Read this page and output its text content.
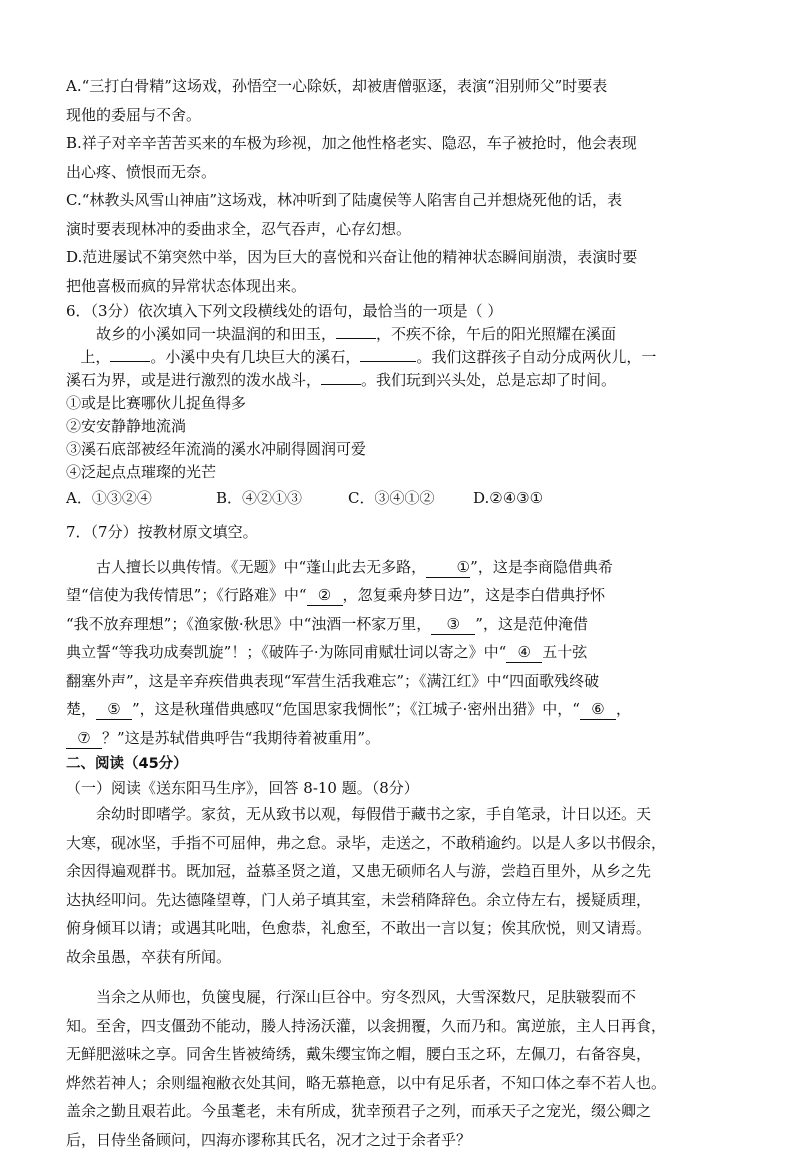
A.“三打白骨精”这场戏，孙悟空一心除妖，却被唐僧驱逐，表演“泪别师父”时要表

现他的委屈与不舍。

B.祥子对辛辛苦苦买来的车极为珍视，加之他性格老实、隐忍，车子被抢时，他会表现

出心疼、愤恨而无奈。

C.“林教头风雪山神庙”这场戏，林冲听到了陆虞侯等人陷害自己并想烧死他的话，表

演时要表现林冲的委曲求全，忍气吞声，心存幻想。

D.范进屡试不第突然中举，因为巨大的喜悦和兴奋让他的精神状态瞬间崩溃，表演时要

把他喜极而疯的异常状态体现出来。

6．（3分）依次填入下列文段横线处的语句，最恰当的一项是（ ）

故乡的小溪如同一块温润的和田玉，	，不疾不徐，午后的阳光照耀在溪面

上，	。小溪中央有几块巨大的溪石，	。我们这群孩子自动分成两伙儿，一

溪石为界，或是进行激烈的泼水战斗，	。我们玩到兴头处，总是忘却了时间。

①或是比赛哪伙儿捉鱼得多

②安安静静地流淌

③溪石底部被经年流淌的溪水冲刷得圆润可爱

④泛起点点璀璨的光芒

A．①③②④	B．④②①③	C．③④①②	D.②④③①

7．（7分）按教材原文填空。

古人擅长以典传情。《无题》中“蓬山此去无多路， ①”，这是李商隐借典希

望“信使为我传情思”；《行路难》中“ ② ，忽复乘舟梦日边”，这是李白借典抒怀

“我不放弃理想”；《渔家傲·秋思》中“浊酒一杯家万里， ③ ”，这是范仲淹借

典立誓“等我功成奏凯旋”！；《破阵子·为陈同甫赋壮词以寄之》中“ ④ 五十弦

翻塞外声”，这是辛弃疾借典表现“军营生活我难忘”；《满江红》中“四面歌残终破

楚， ⑤ ”，这是秋瑾借典感叹“危国思家我惆怅”；《江城子·密州出猎》中，“ ⑥ ，

⑦ ？”这是苏轼借典呼告“我期待着被重用”。

二、阅读（45分）

（一）阅读《送东阳马生序》，回答 8-10 题。（8分）

余幼时即嗜学。家贫，无从致书以观，每假借于藏书之家，手自笔录，计日以还。天

大寒，砚冰坚，手指不可屈伸，弗之怠。录毕，走送之，不敢稍逾约。以是人多以书假余，

余因得遍观群书。既加冠，益慕圣贤之道，又患无硕师名人与游，尝趋百里外，从乡之先

达执经叩问。先达德隆望尊，门人弟子填其室，未尝稍降辞色。余立侍左右，援疑质理，

俯身倾耳以请；或遇其叱咄，色愈恭，礼愈至，不敢出一言以复；俟其欣悦，则又请焉。

故余虽愚，卒获有所闻。

当余之从师也，负箧曳屣，行深山巨谷中。穷冬烈风，大雪深数尺，足肤皲裂而不

知。至舍，四支僵劲不能动，媵人持汤沃灌，以衾拥覆，久而乃和。寓逆旅，主人日再食，

无鲜肥滋味之享。同舍生皆被绮绣，戴朱缨宝饰之帽，腰白玉之环，左佩刀，右备容臭，

烨然若神人；余则缊袍敝衣处其间，略无慕艳意，以中有足乐者，不知口体之奉不若人也。

盖余之勤且艰若此。今虽耄老，未有所成，犹幸预君子之列，而承天子之宠光，缀公卿之

后，日侍坐备顾问，四海亦谬称其氏名，况才之过于余者乎？
